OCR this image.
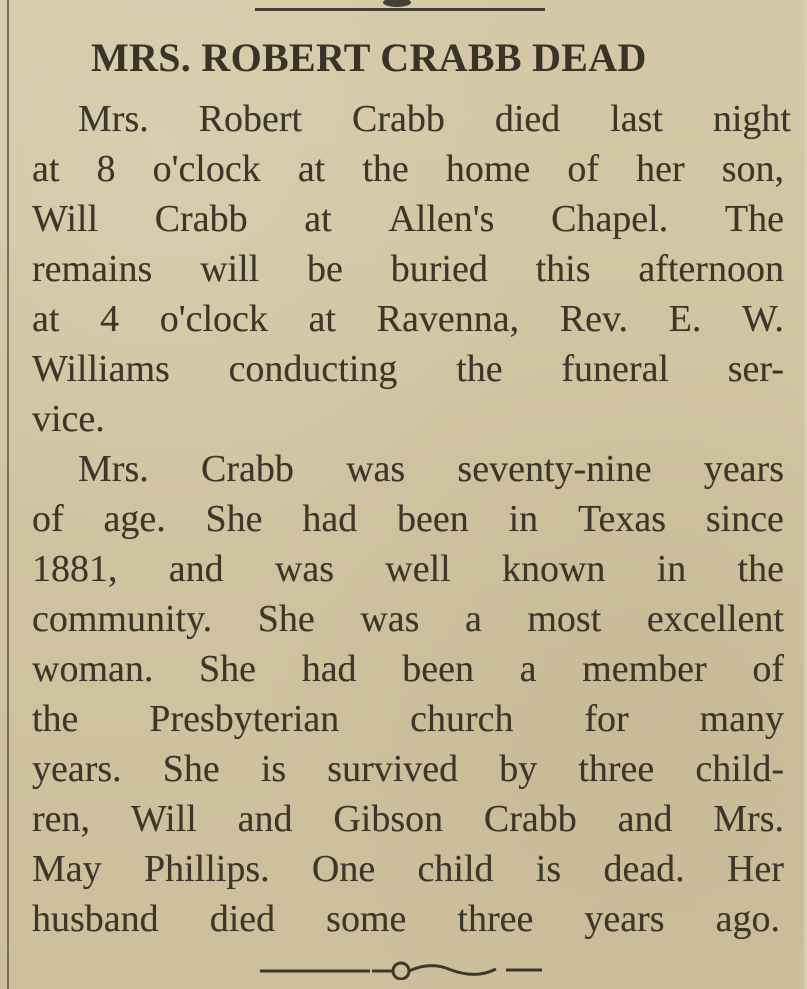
MRS. ROBERT CRABB DEAD
Mrs. Robert Crabb died last night
at 8 o'clock at the home of her son,
Will Crabb at Allen's Chapel. The
remains will be buried this afternoon
at 4 o'clock at Ravenna, Rev. E. W.
Williams conducting the funeral ser-
vice.
Mrs. Crabb was seventy-nine years
of age. She had been in Texas since
1881, and was well known in the
community. She was a most excellent
woman. She had been a member of
the Presbyterian church for many
years. She is survived by three child-
ren, Will and Gibson Crabb and Mrs.
May Phillips. One child is dead. Her
husband died some three years ago.
